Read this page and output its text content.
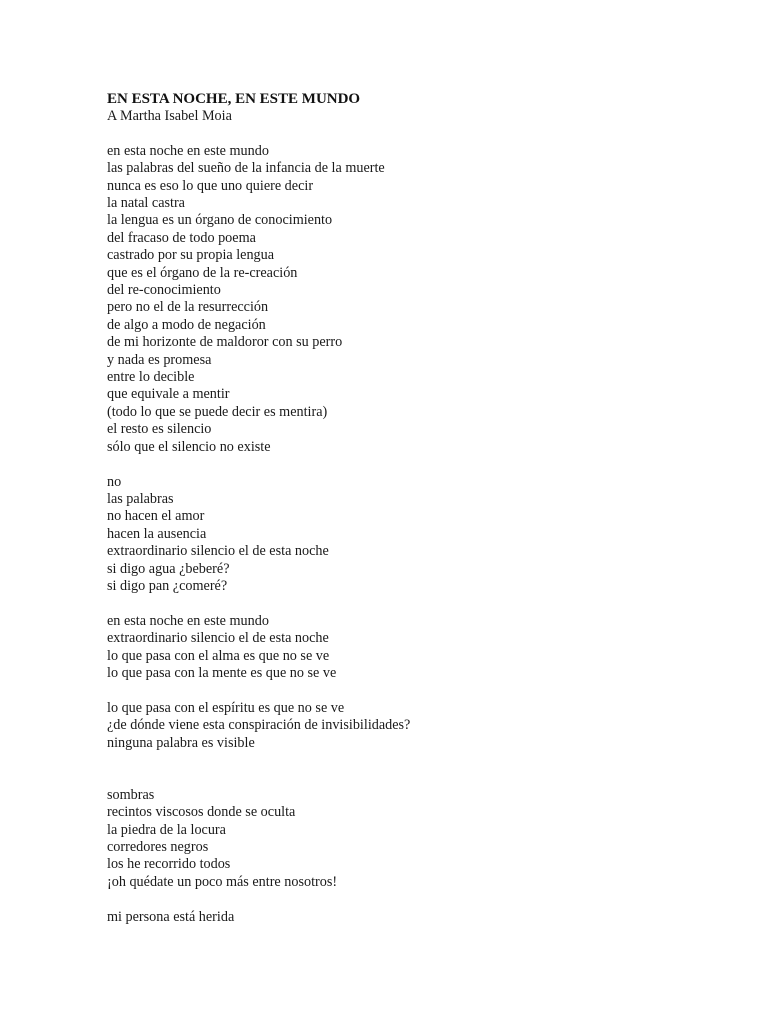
EN ESTA NOCHE, EN ESTE MUNDO

A Martha Isabel Moia

en esta noche en este mundo
las palabras del sueño de la infancia de la muerte
nunca es eso lo que uno quiere decir
la natal castra
la lengua es un órgano de conocimiento
del fracaso de todo poema
castrado por su propia lengua
que es el órgano de la re-creación
del re-conocimiento
pero no el de la resurrección
de algo a modo de negación
de mi horizonte de maldoror con su perro
y nada es promesa
entre lo decible
que equivale a mentir
(todo lo que se puede decir es mentira)
el resto es silencio
sólo que el silencio no existe
no
las palabras
no hacen el amor
hacen la ausencia
extraordinario silencio el de esta noche
si digo agua ¿beberé?
si digo pan ¿comeré?
en esta noche en este mundo
extraordinario silencio el de esta noche
lo que pasa con el alma es que no se ve
lo que pasa con la mente es que no se ve
lo que pasa con el espíritu es que no se ve
¿de dónde viene esta conspiración de invisibilidades?
ninguna palabra es visible
sombras
recintos viscosos donde se oculta
la piedra de la locura
corredores negros
los he recorrido todos
¡oh quédate un poco más entre nosotros!
mi persona está herida
